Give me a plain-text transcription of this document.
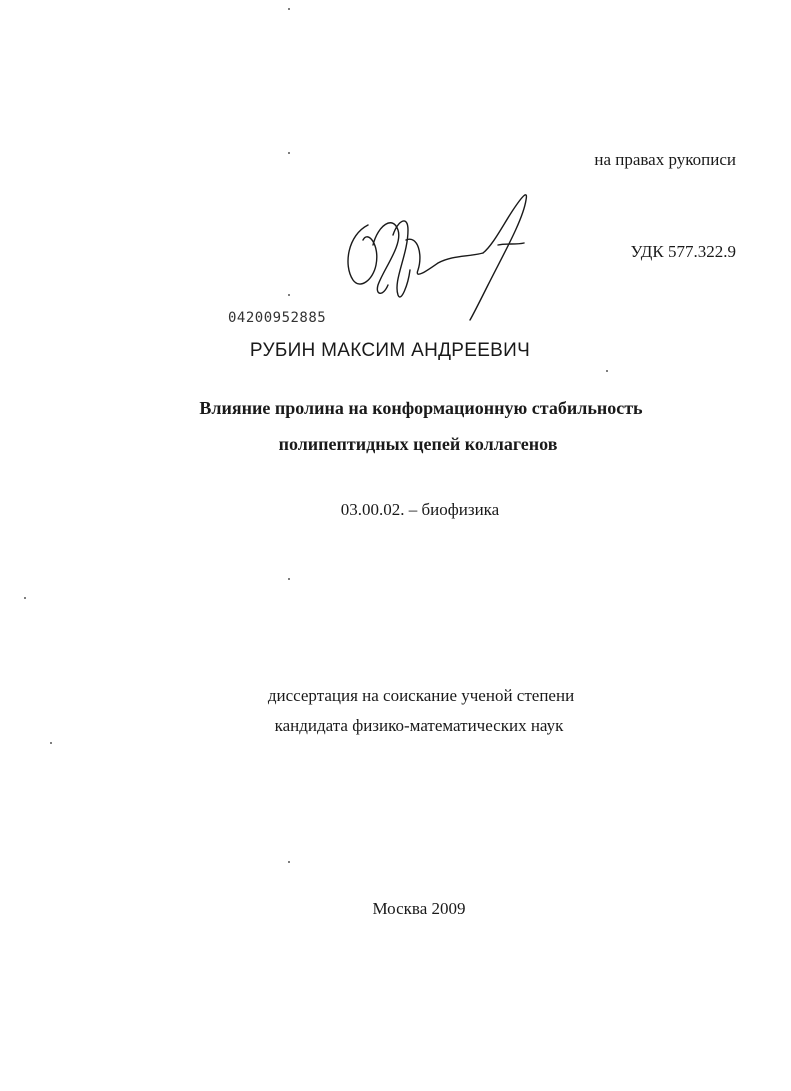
на правах рукописи
УДК 577.322.9
04200952885
РУБИН МАКСИМ АНДРЕЕВИЧ
Влияние пролина на конформационную стабильность
полипептидных цепей коллагенов
03.00.02. – биофизика
диссертация на соискание ученой степени
кандидата физико-математических наук
Москва 2009
